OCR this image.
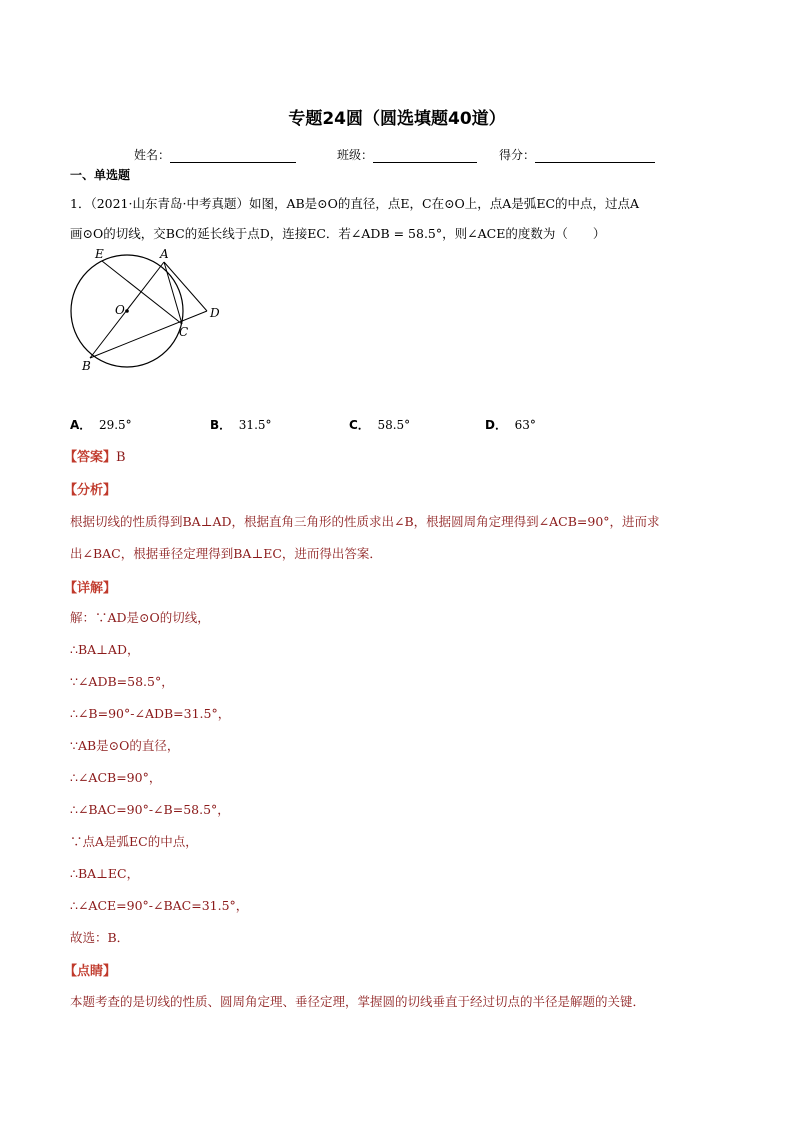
专题24圆（圆选填题40道）
姓名：	班级：	得分：
一、单选题
1．（2021·山东青岛·中考真题）如图，AB是⊙O的直径，点E，C在⊙O上，点A是弧EC的中点，过点A
画⊙O的切线，交BC的延长线于点D，连接EC．若∠ADB = 58.5°，则∠ACE的度数为（　　）
E	A
O	D
C
B
A． 29.5°	B． 31.5°	C． 58.5°	D． 63°
【答案】B
【分析】
根据切线的性质得到BA⊥AD，根据直角三角形的性质求出∠B，根据圆周角定理得到∠ACB=90°，进而求
出∠BAC，根据垂径定理得到BA⊥EC，进而得出答案．
【详解】
解：∵AD是⊙O的切线，
∴BA⊥AD，
∵∠ADB=58.5°，
∴∠B=90°-∠ADB=31.5°，
∵AB是⊙O的直径，
∴∠ACB=90°，
∴∠BAC=90°-∠B=58.5°，
∵点A是弧EC的中点，
∴BA⊥EC，
∴∠ACE=90°-∠BAC=31.5°，
故选：B．
【点睛】
本题考查的是切线的性质、圆周角定理、垂径定理，掌握圆的切线垂直于经过切点的半径是解题的关键．
